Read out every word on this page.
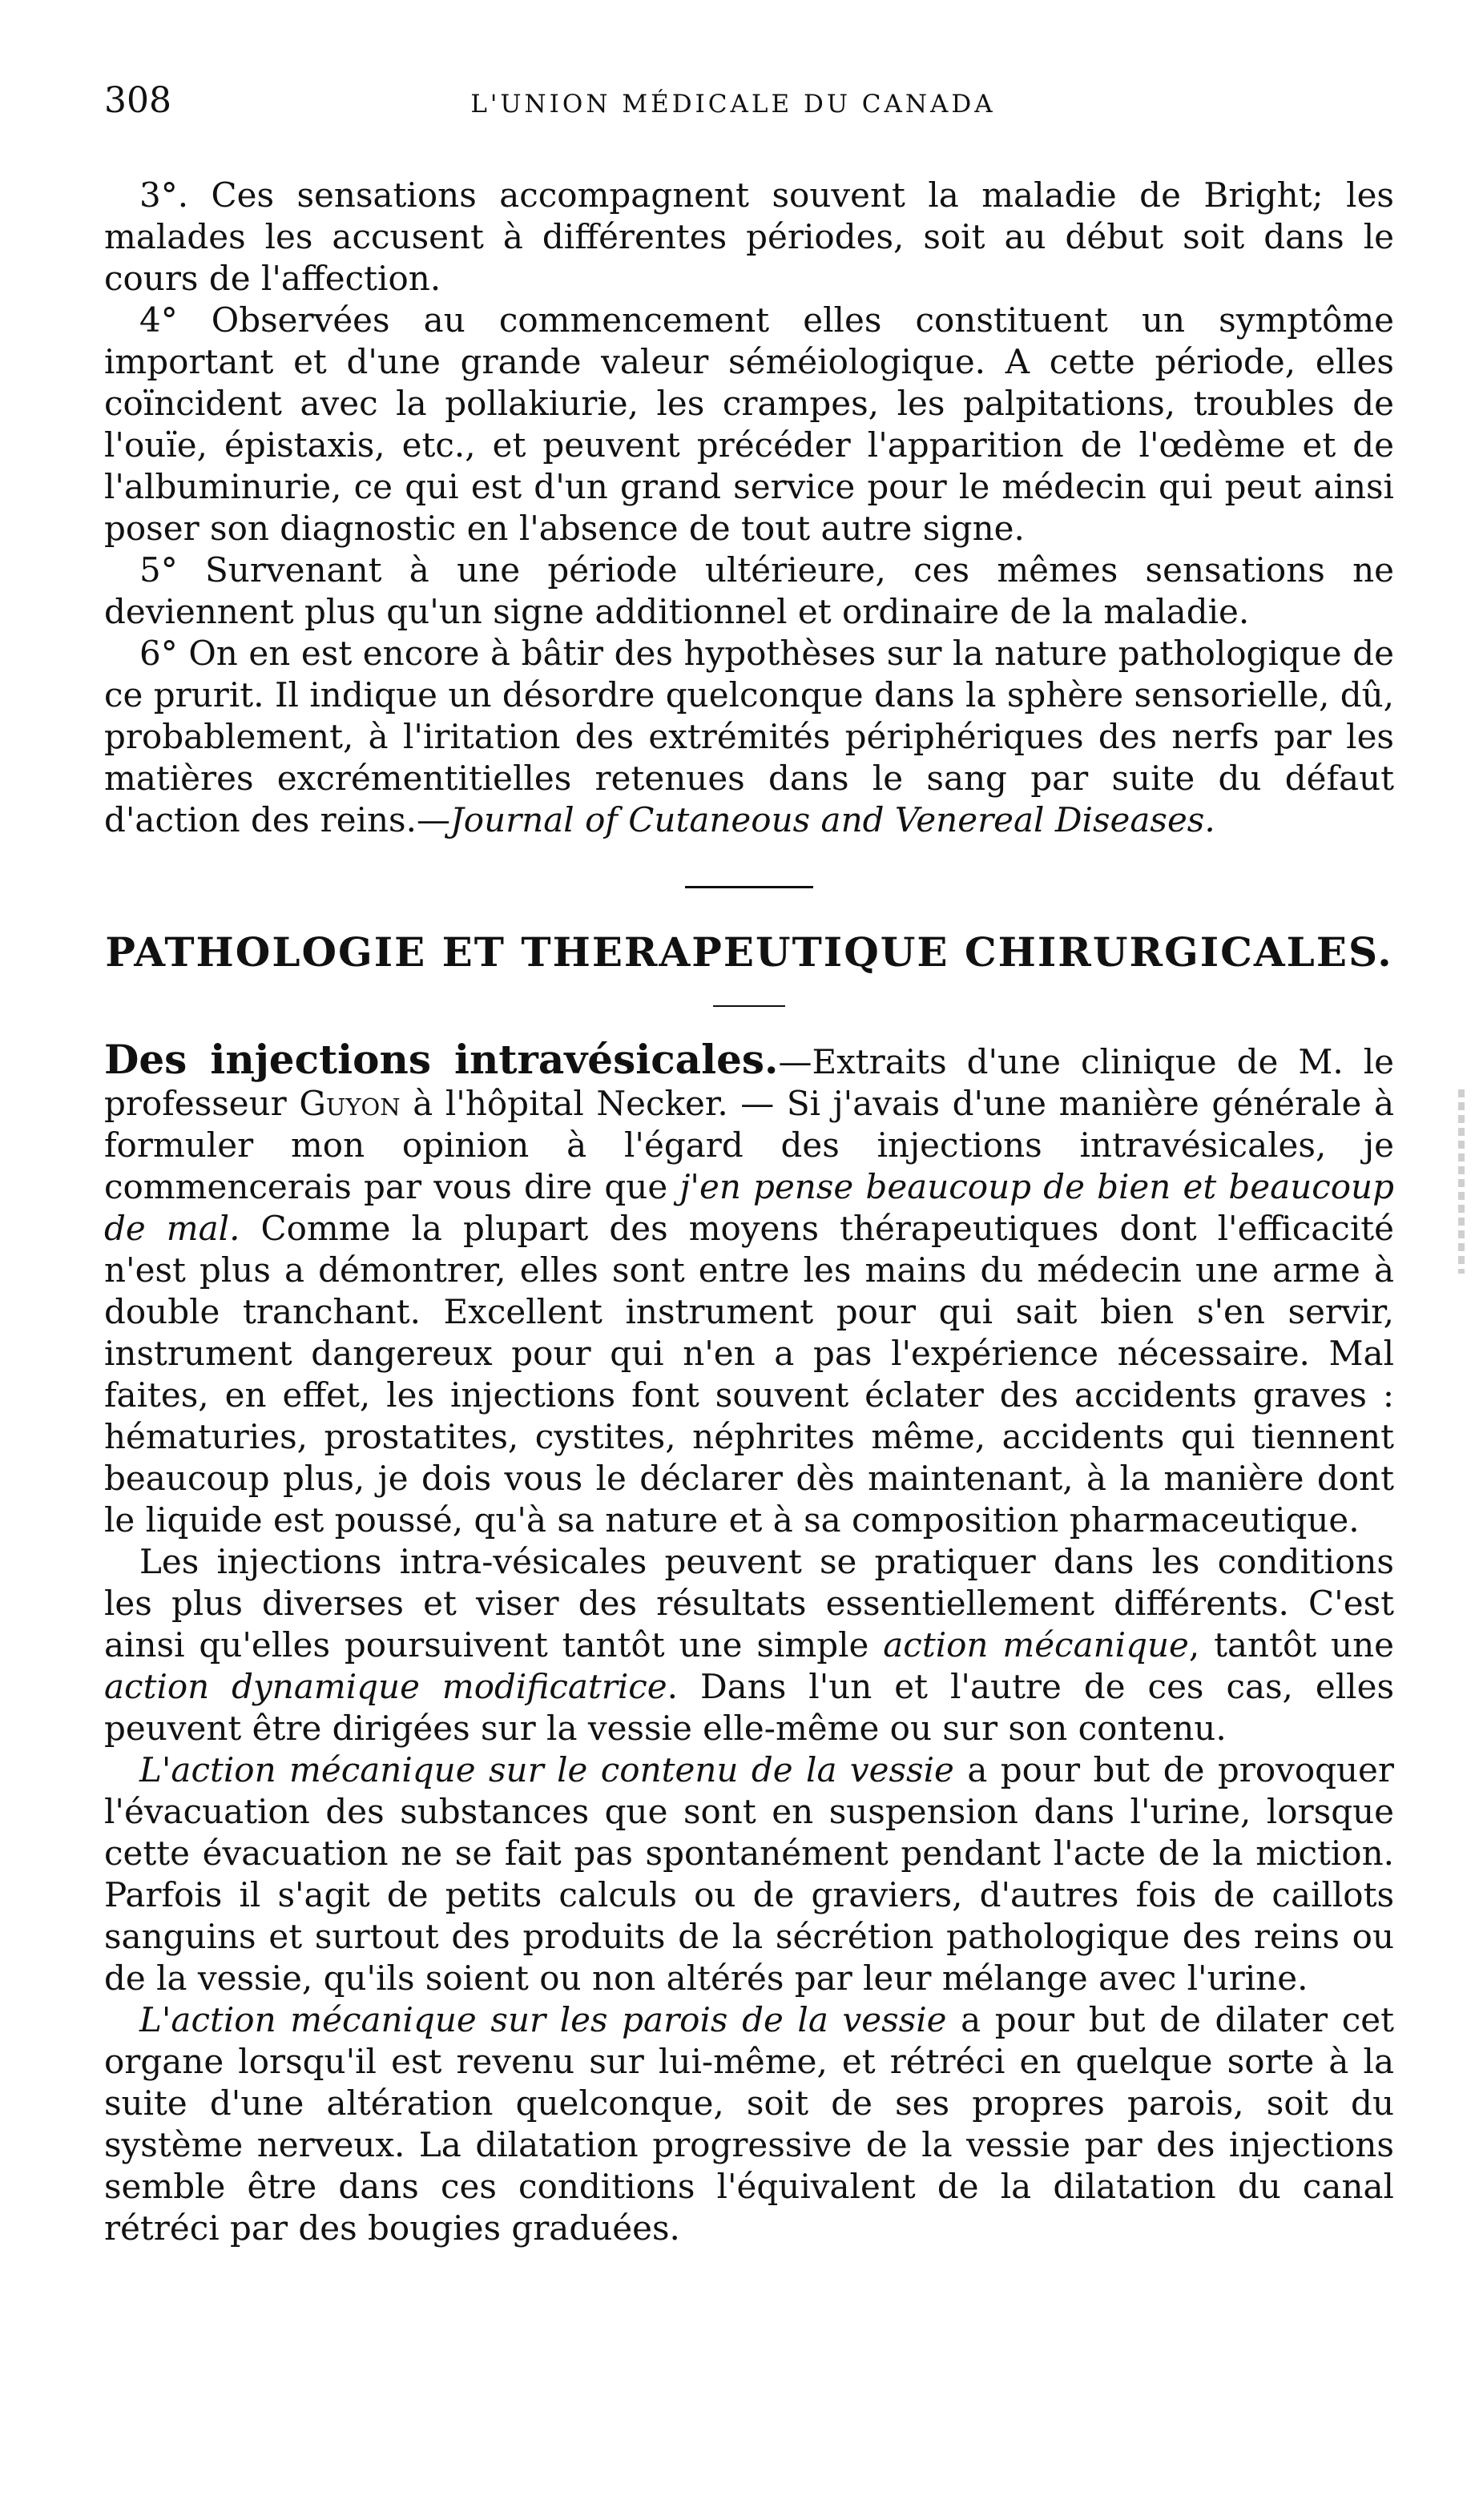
308	L'UNION MÉDICALE DU CANADA

3°. Ces sensations accompagnent souvent la maladie de Bright; les malades les accusent à différentes périodes, soit au début soit dans le cours de l'affection.

4° Observées au commencement elles constituent un symptôme important et d'une grande valeur séméiologique. A cette période, elles coïncident avec la pollakiurie, les crampes, les palpitations, troubles de l'ouïe, épistaxis, etc., et peuvent précéder l'apparition de l'œdème et de l'albuminurie, ce qui est d'un grand service pour le médecin qui peut ainsi poser son diagnostic en l'absence de tout autre signe.

5° Survenant à une période ultérieure, ces mêmes sensations ne deviennent plus qu'un signe additionnel et ordinaire de la maladie.

6° On en est encore à bâtir des hypothèses sur la nature pathologique de ce prurit. Il indique un désordre quelconque dans la sphère sensorielle, dû, probablement, à l'iritation des extrémités périphériques des nerfs par les matières excrémentitielles retenues dans le sang par suite du défaut d'action des reins.—Journal of Cutaneous and Venereal Diseases.

PATHOLOGIE ET THERAPEUTIQUE CHIRURGICALES.

Des injections intravésicales.—Extraits d'une clinique de M. le professeur Guyon à l'hôpital Necker. — Si j'avais d'une manière générale à formuler mon opinion à l'égard des injections intravésicales, je commencerais par vous dire que j'en pense beaucoup de bien et beaucoup de mal. Comme la plupart des moyens thérapeutiques dont l'efficacité n'est plus a démontrer, elles sont entre les mains du médecin une arme à double tranchant. Excellent instrument pour qui sait bien s'en servir, instrument dangereux pour qui n'en a pas l'expérience nécessaire. Mal faites, en effet, les injections font souvent éclater des accidents graves : hématuries, prostatites, cystites, néphrites même, accidents qui tiennent beaucoup plus, je dois vous le déclarer dès maintenant, à la manière dont le liquide est poussé, qu'à sa nature et à sa composition pharmaceutique.

Les injections intra-vésicales peuvent se pratiquer dans les conditions les plus diverses et viser des résultats essentiellement différents. C'est ainsi qu'elles poursuivent tantôt une simple action mécanique, tantôt une action dynamique modificatrice. Dans l'un et l'autre de ces cas, elles peuvent être dirigées sur la vessie elle-même ou sur son contenu.

L'action mécanique sur le contenu de la vessie a pour but de provoquer l'évacuation des substances que sont en suspension dans l'urine, lorsque cette évacuation ne se fait pas spontanément pendant l'acte de la miction. Parfois il s'agit de petits calculs ou de graviers, d'autres fois de caillots sanguins et surtout des produits de la sécrétion pathologique des reins ou de la vessie, qu'ils soient ou non altérés par leur mélange avec l'urine.

L'action mécanique sur les parois de la vessie a pour but de dilater cet organe lorsqu'il est revenu sur lui-même, et rétréci en quelque sorte à la suite d'une altération quelconque, soit de ses propres parois, soit du système nerveux. La dilatation progressive de la vessie par des injections semble être dans ces conditions l'équivalent de la dilatation du canal rétréci par des bougies graduées.
